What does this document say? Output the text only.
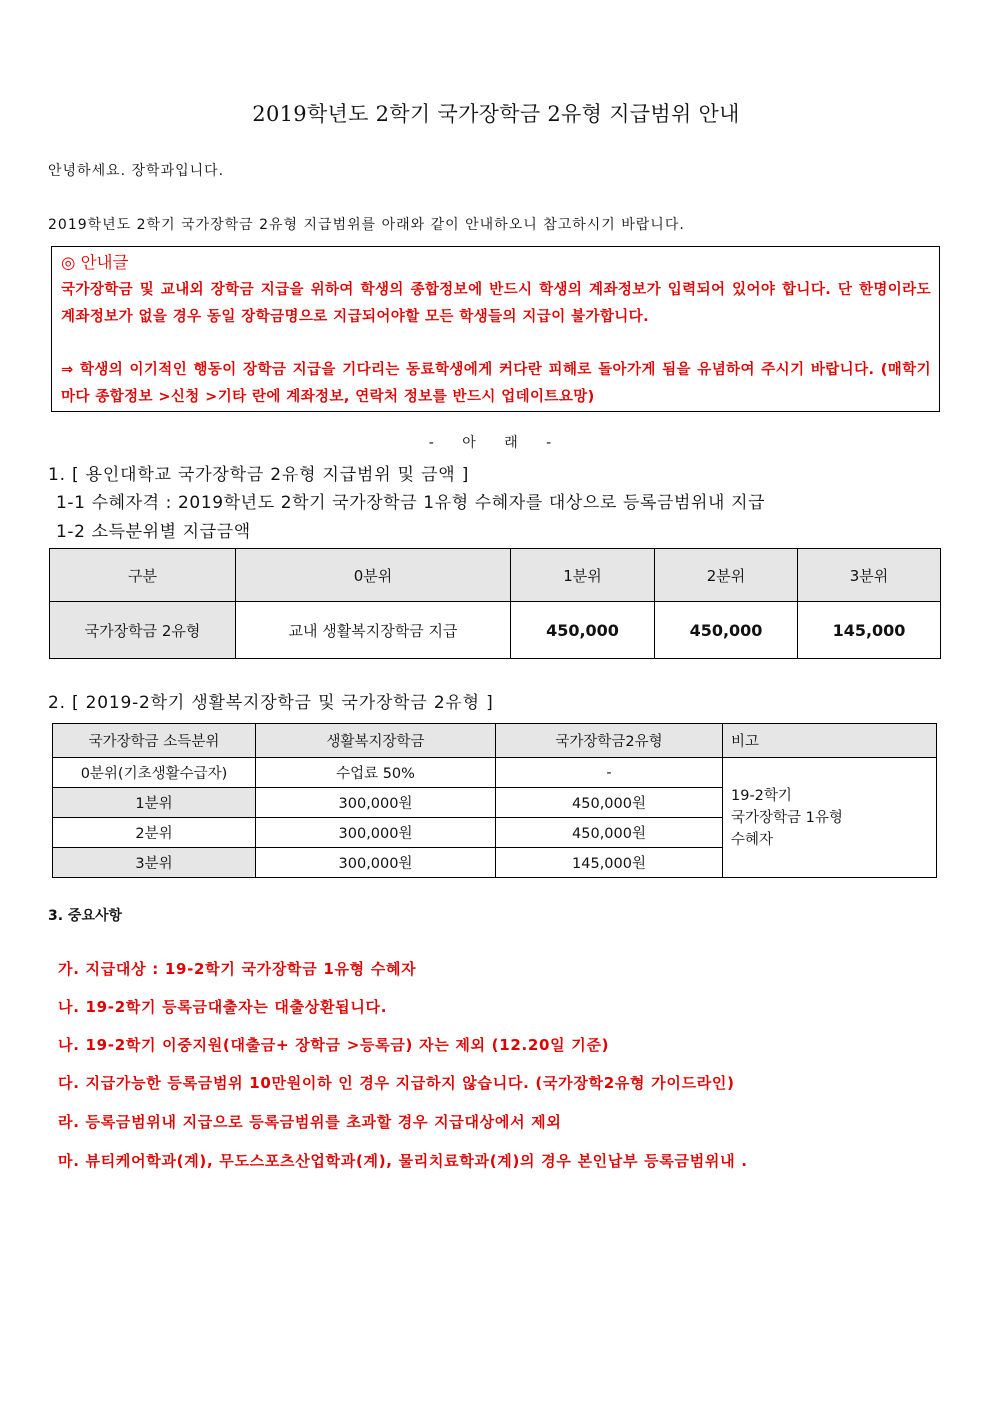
2019학년도 2학기 국가장학금 2유형 지급범위 안내
안녕하세요. 장학과입니다.
2019학년도 2학기 국가장학금 2유형 지급범위를 아래와 같이 안내하오니 참고하시기 바랍니다.
◎ 안내글
국가장학금 및 교내외 장학금 지급을 위하여 학생의 종합정보에 반드시 학생의 계좌정보가 입력되어 있어야 합니다. 단 한명이라도 계좌정보가 없을 경우 동일 장학금명으로 지급되어야할 모든 학생들의 지급이 불가합니다.
⇒ 학생의 이기적인 행동이 장학금 지급을 기다리는 동료학생에게 커다란 피해로 돌아가게 됨을 유념하여 주시기 바랍니다. (매학기마다 종합정보 >신청 >기타 란에 계좌정보, 연락처 정보를 반드시 업데이트요망)
- 아 래 -
1. [ 용인대학교 국가장학금 2유형 지급범위 및 금액 ]
1-1 수혜자격 : 2019학년도 2학기 국가장학금 1유형 수혜자를 대상으로 등록금범위내 지급
1-2 소득분위별 지급금액
구분	0분위	1분위	2분위	3분위
국가장학금 2유형	교내 생활복지장학금 지급	450,000	450,000	145,000
2. [ 2019-2학기 생활복지장학금 및 국가장학금 2유형 ]
국가장학금 소득분위	생활복지장학금	국가장학금2유형	비고
0분위(기초생활수급자)	수업료 50%	-	19-2학기
국가장학금 1유형
수혜자

1분위	300,000원	450,000원	
2분위	300,000원	450,000원	
3분위	300,000원	145,000원	
3. 중요사항
가. 지급대상 : 19-2학기 국가장학금 1유형 수혜자
나. 19-2학기 등록금대출자는 대출상환됩니다.
나. 19-2학기 이중지원(대출금+ 장학금 >등록금) 자는 제외 (12.20일 기준)
다. 지급가능한 등록금범위 10만원이하 인 경우 지급하지 않습니다. (국가장학2유형 가이드라인)
라. 등록금범위내 지급으로 등록금범위를 초과할 경우 지급대상에서 제외
마. 뷰티케어학과(계), 무도스포츠산업학과(계), 물리치료학과(계)의 경우 본인납부 등록금범위내 .
